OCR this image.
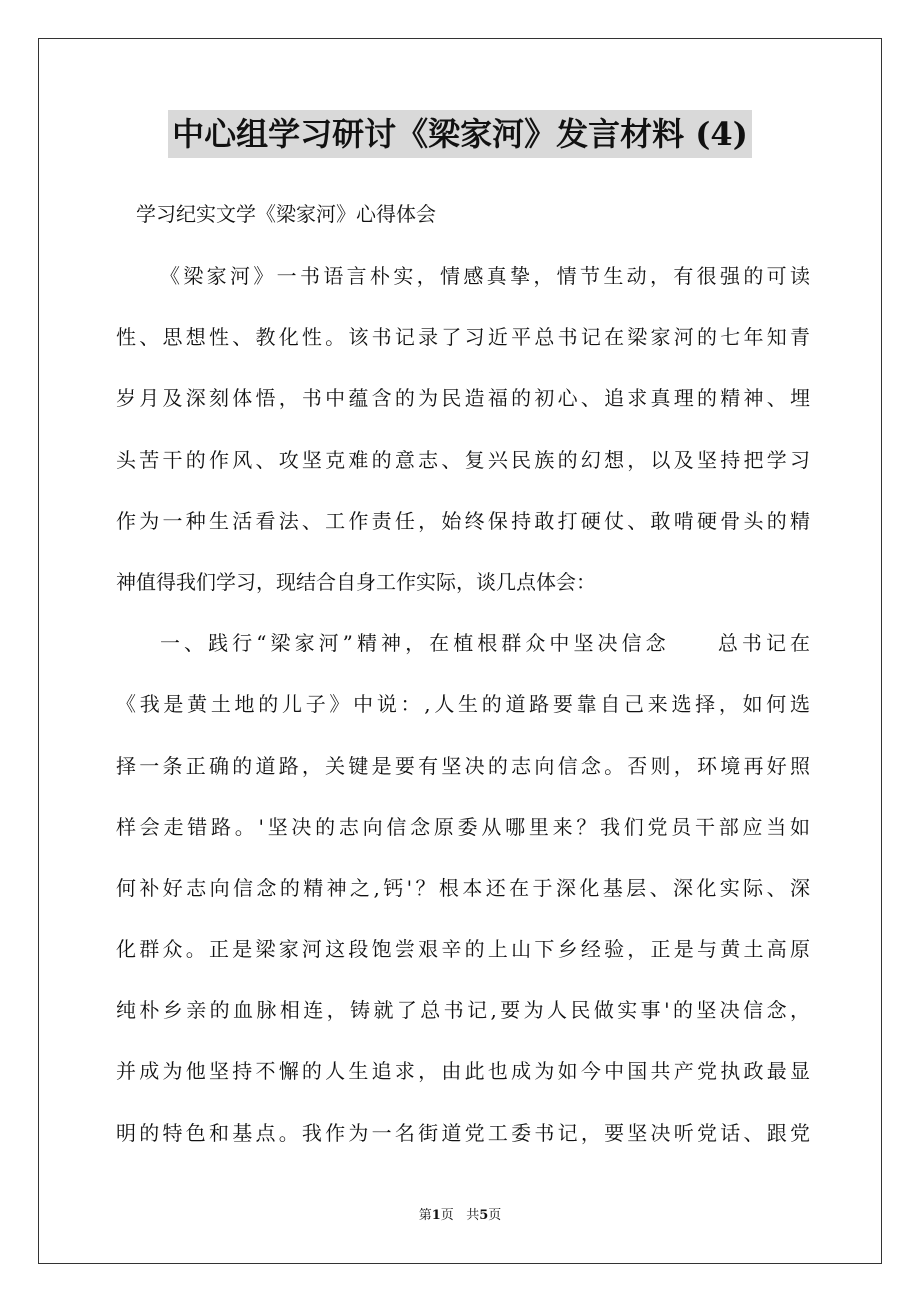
中心组学习研讨《梁家河》发言材料 (4)
学习纪实文学《梁家河》心得体会
《梁家河》一书语言朴实，情感真挚，情节生动，有很强的可读
性、思想性、教化性。该书记录了习近平总书记在梁家河的七年知青
岁月及深刻体悟，书中蕴含的为民造福的初心、追求真理的精神、埋
头苦干的作风、攻坚克难的意志、复兴民族的幻想，以及坚持把学习
作为一种生活看法、工作责任，始终保持敢打硬仗、敢啃硬骨头的精
神值得我们学习，现结合自身工作实际，谈几点体会：
一、践行“梁家河”精神，在植根群众中坚决信念　　总书记在
《我是黄土地的儿子》中说：,人生的道路要靠自己来选择，如何选
择一条正确的道路，关键是要有坚决的志向信念。否则，环境再好照
样会走错路。'坚决的志向信念原委从哪里来？我们党员干部应当如
何补好志向信念的精神之,钙'？根本还在于深化基层、深化实际、深
化群众。正是梁家河这段饱尝艰辛的上山下乡经验，正是与黄土高原
纯朴乡亲的血脉相连，铸就了总书记,要为人民做实事'的坚决信念，
并成为他坚持不懈的人生追求，由此也成为如今中国共产党执政最显
明的特色和基点。我作为一名街道党工委书记，要坚决听党话、跟党
第1页 共5页
